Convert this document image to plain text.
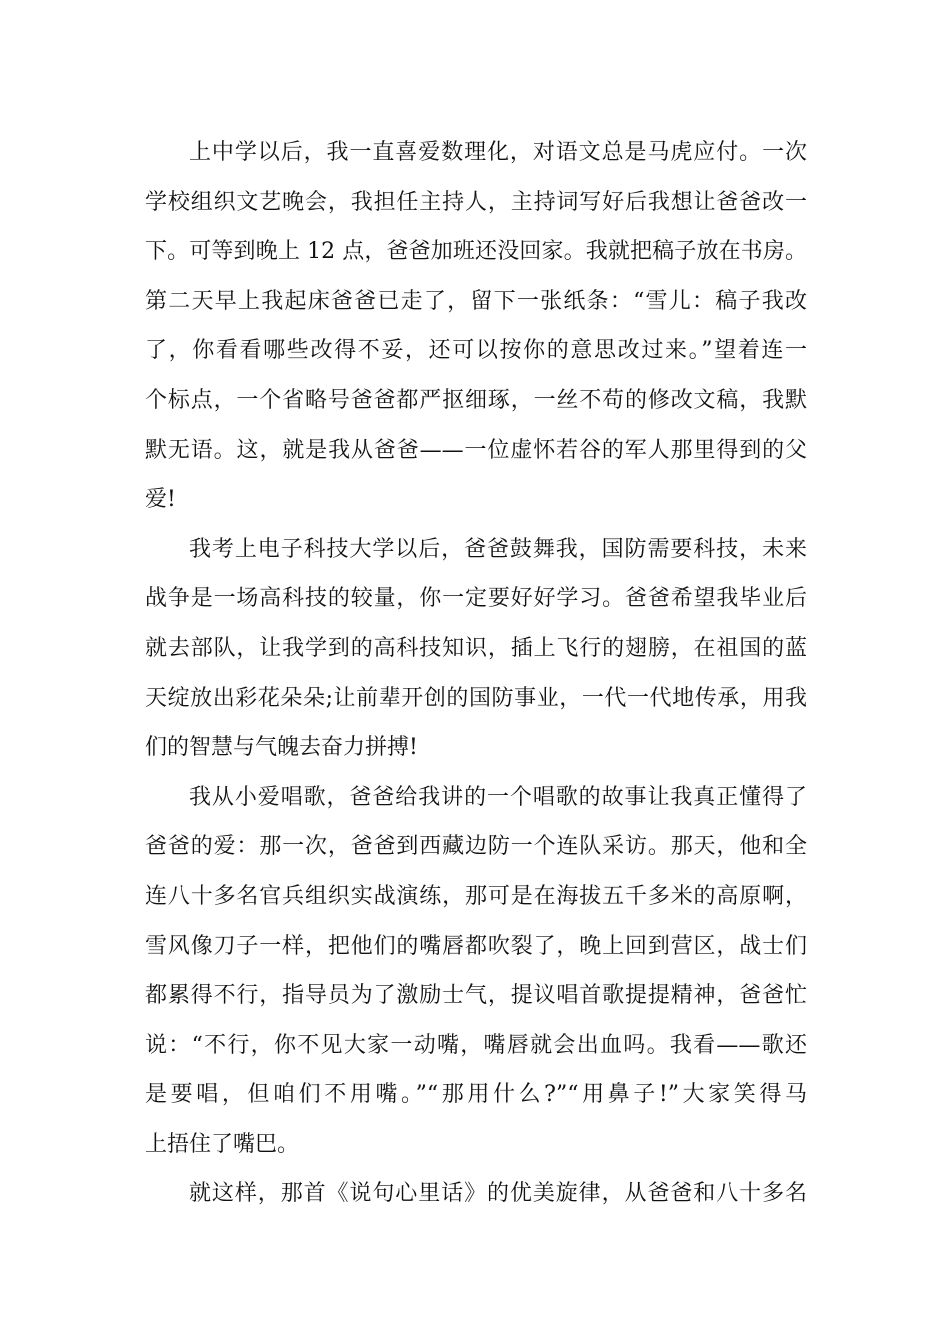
上中学以后，我一直喜爱数理化，对语文总是马虎应付。一次
学校组织文艺晚会，我担任主持人，主持词写好后我想让爸爸改一
下。可等到晚上 12 点，爸爸加班还没回家。我就把稿子放在书房。
第二天早上我起床爸爸已走了，留下一张纸条：“雪儿：稿子我改
了，你看看哪些改得不妥，还可以按你的意思改过来。”望着连一
个标点，一个省略号爸爸都严抠细琢，一丝不苟的修改文稿，我默
默无语。这，就是我从爸爸——一位虚怀若谷的军人那里得到的父
爱!
我考上电子科技大学以后，爸爸鼓舞我，国防需要科技，未来
战争是一场高科技的较量，你一定要好好学习。爸爸希望我毕业后
就去部队，让我学到的高科技知识，插上飞行的翅膀，在祖国的蓝
天绽放出彩花朵朵;让前辈开创的国防事业，一代一代地传承，用我
们的智慧与气魄去奋力拼搏!
我从小爱唱歌，爸爸给我讲的一个唱歌的故事让我真正懂得了
爸爸的爱：那一次，爸爸到西藏边防一个连队采访。那天，他和全
连八十多名官兵组织实战演练，那可是在海拔五千多米的高原啊，
雪风像刀子一样，把他们的嘴唇都吹裂了，晚上回到营区，战士们
都累得不行，指导员为了激励士气，提议唱首歌提提精神，爸爸忙
说：“不行，你不见大家一动嘴，嘴唇就会出血吗。我看——歌还
是要唱，但咱们不用嘴。”“那用什么?”“用鼻子!”大家笑得马
上捂住了嘴巴。
就这样，那首《说句心里话》的优美旋律，从爸爸和八十多名
